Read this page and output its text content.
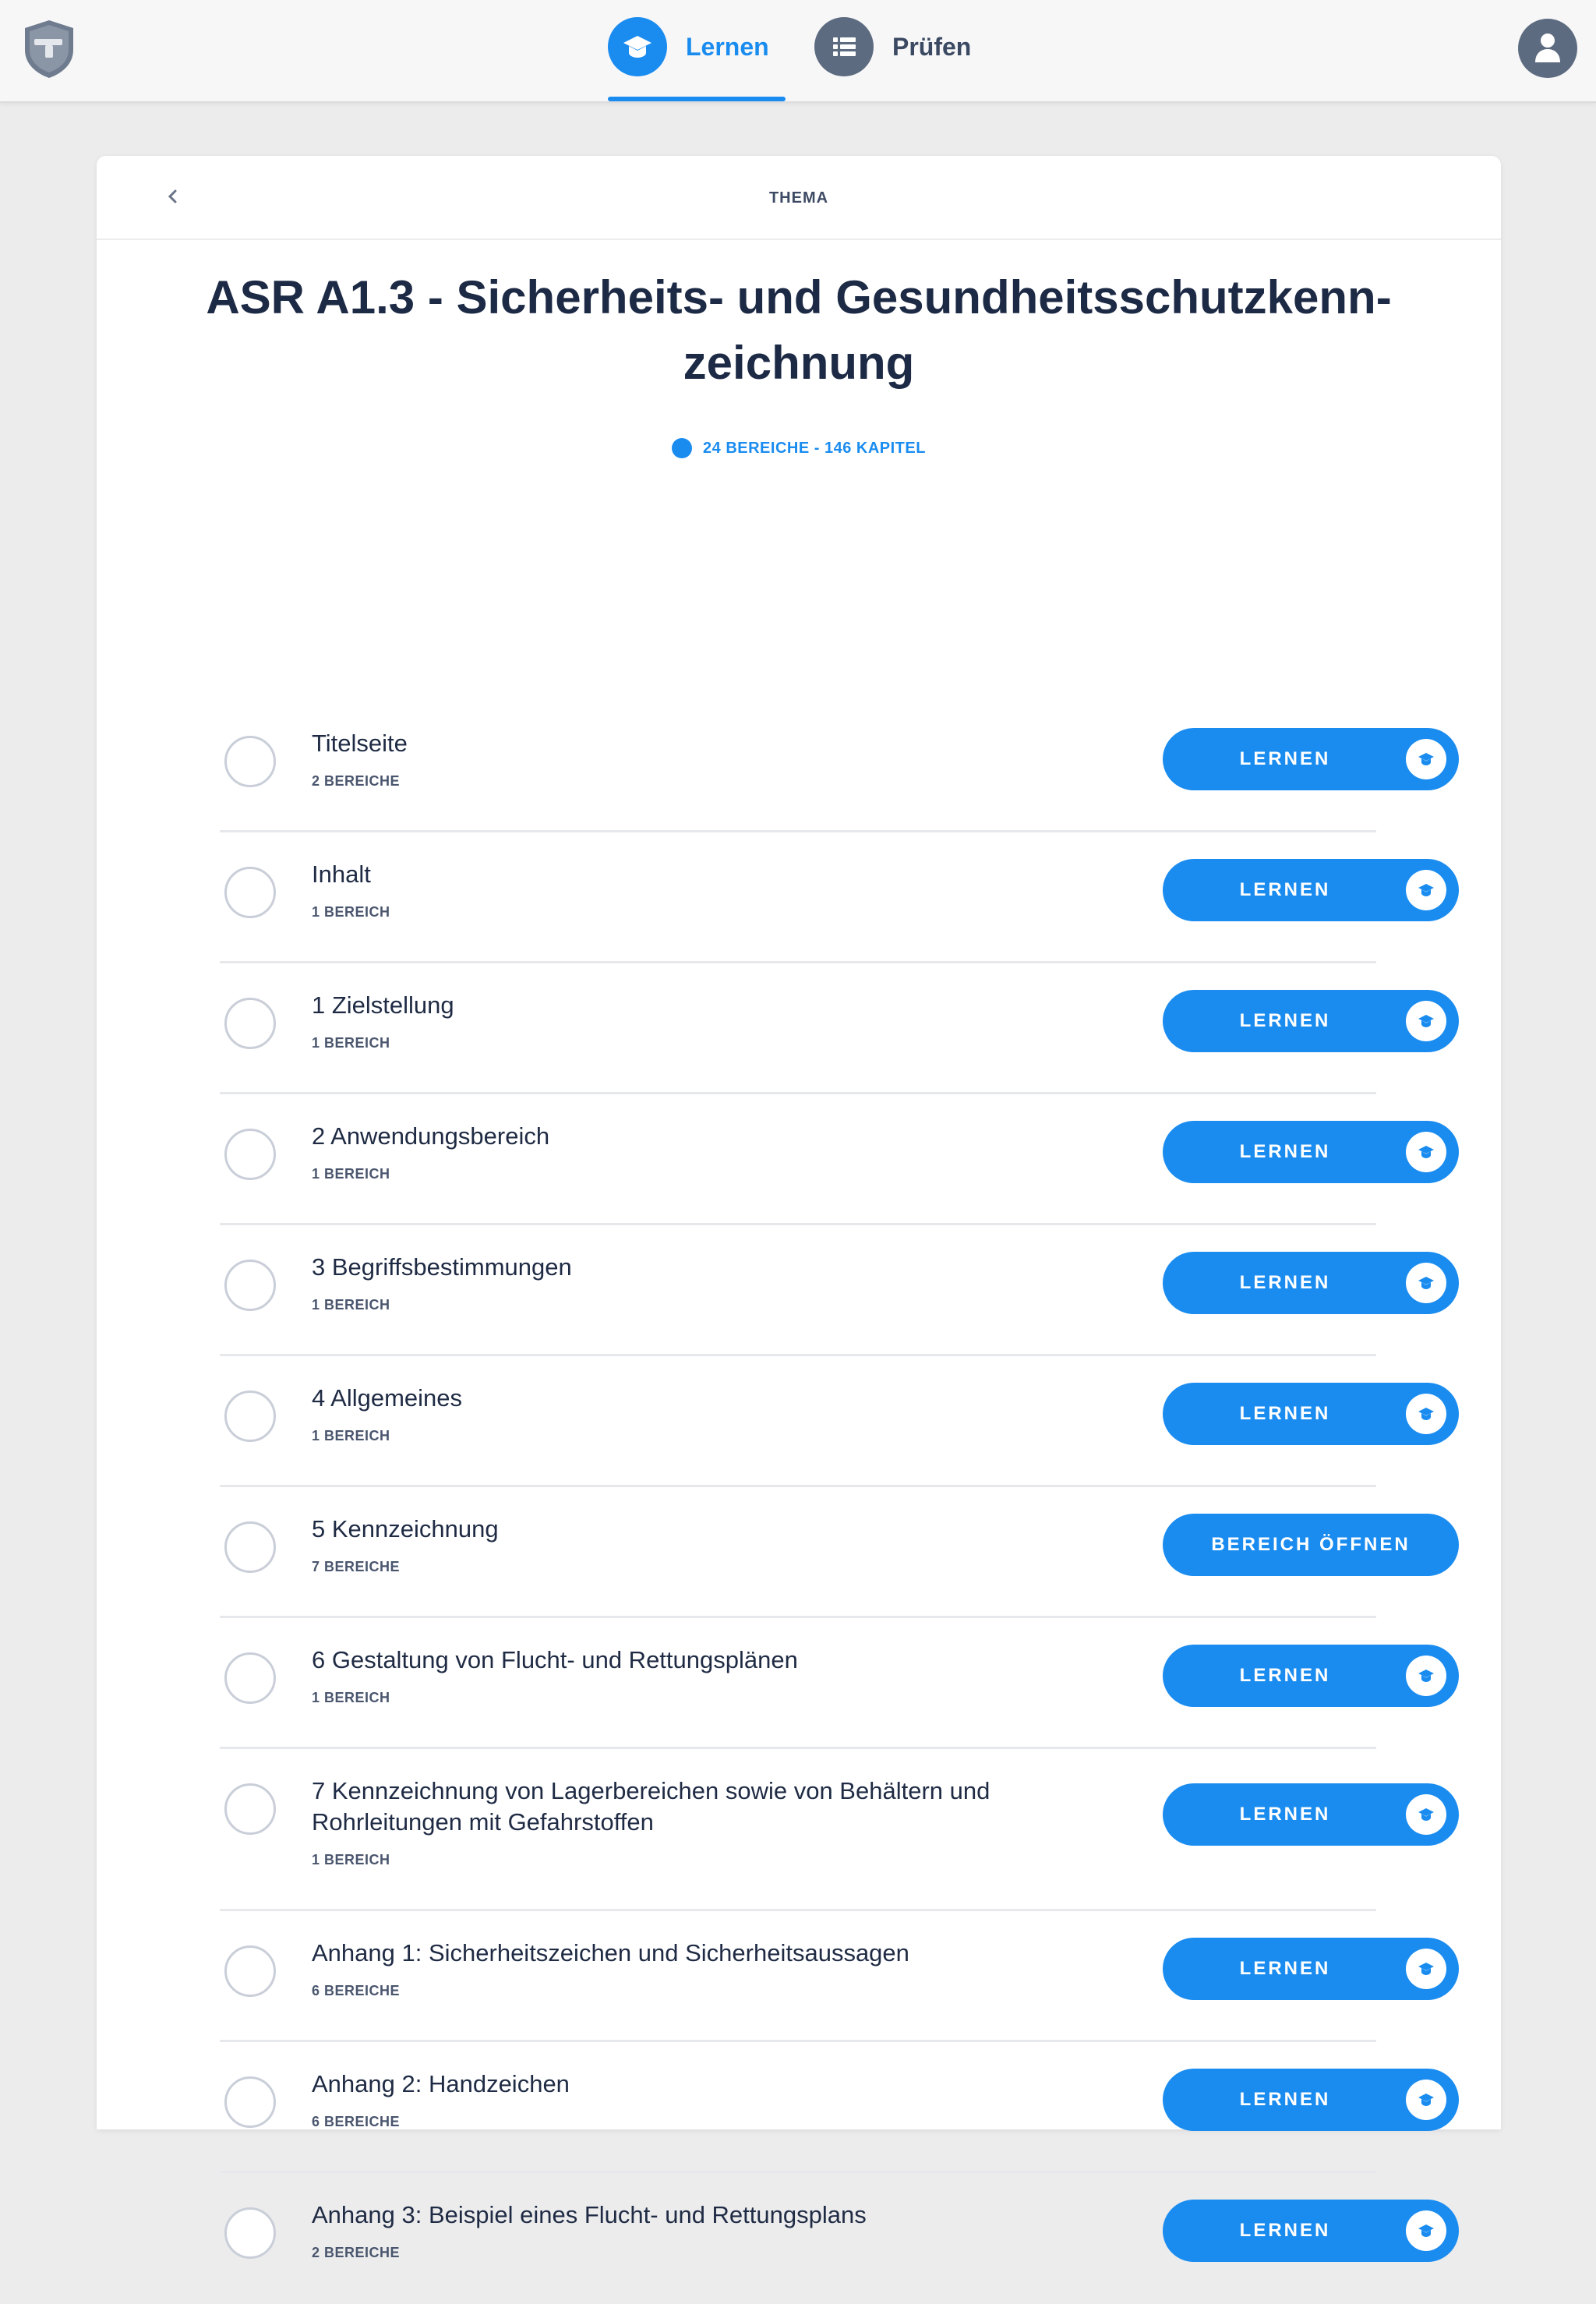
Lernen	Prüfen
THEMA
ASR A1.3 - Sicherheits- und Gesundheitsschutzkenn-zeichnung
24 BEREICHE - 146 KAPITEL
Titelseite
2 BEREICHE
LERNEN
Inhalt
1 BEREICH
LERNEN
1 Zielstellung
1 BEREICH
LERNEN
2 Anwendungsbereich
1 BEREICH
LERNEN
3 Begriffsbestimmungen
1 BEREICH
LERNEN
4 Allgemeines
1 BEREICH
LERNEN
5 Kennzeichnung
7 BEREICHE
BEREICH ÖFFNEN
6 Gestaltung von Flucht- und Rettungsplänen
1 BEREICH
LERNEN
7 Kennzeichnung von Lagerbereichen sowie von Behältern und Rohrleitungen mit Gefahrstoffen
1 BEREICH
LERNEN
Anhang 1: Sicherheitszeichen und Sicherheitsaussagen
6 BEREICHE
LERNEN
Anhang 2: Handzeichen
6 BEREICHE
LERNEN
Anhang 3: Beispiel eines Flucht- und Rettungsplans
2 BEREICHE
LERNEN
